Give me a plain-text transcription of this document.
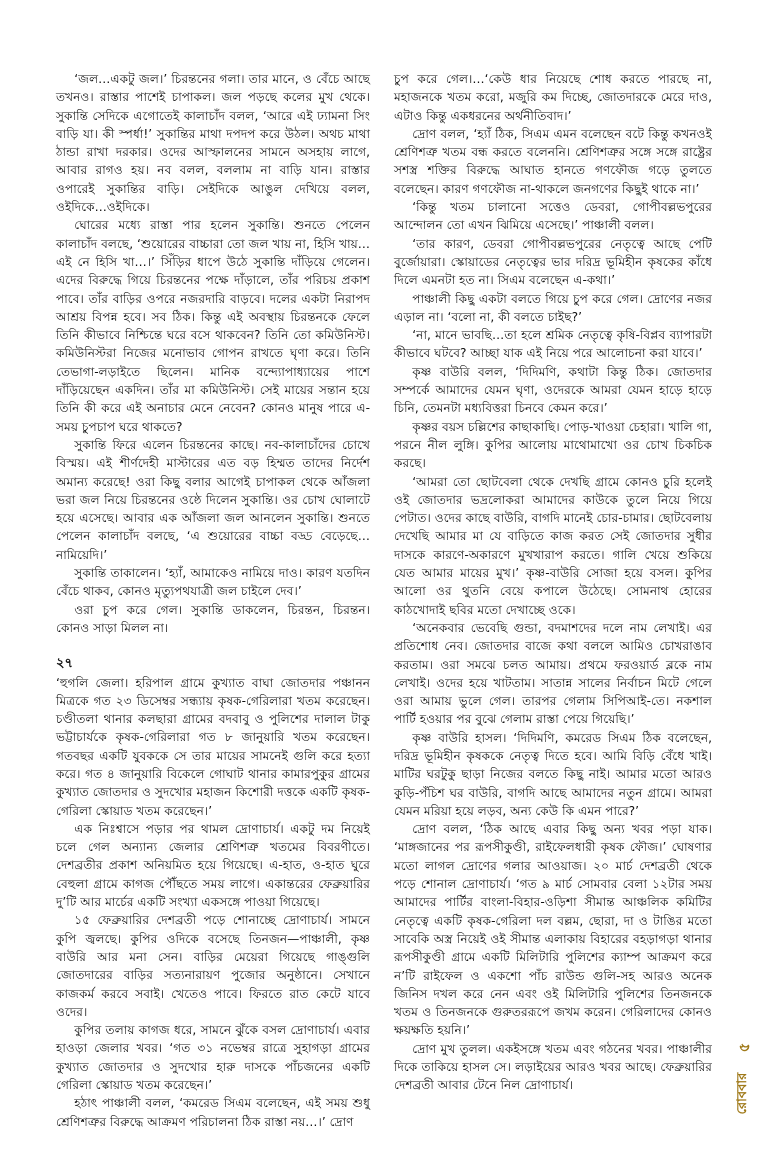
‘জল…একটু জল।’ চিরন্তনের গলা। তার মানে, ও বেঁচে আছে তখনও। রাস্তার পাশেই চাপাকল। জল পড়ছে কলের মুখ থেকে। সুকান্তি সেদিকে এগোতেই কালাচাঁদ বলল, ‘আরে এই ঢ্যামনা সিং বাড়ি যা। কী স্পর্ধা!’ সুকান্তির মাথা দপদপ করে উঠল। অথচ মাথা ঠান্ডা রাখা দরকার। ওদের আস্ফালনের সামনে অসহায় লাগে, আবার রাগও হয়। নব বলল, বললাম না বাড়ি যান। রাস্তার ওপারেই সুকান্তির বাড়ি। সেইদিকে আঙুল দেখিয়ে বলল, ওইদিকে…ওইদিকে।

ঘোরের মধ্যে রাস্তা পার হলেন সুকান্তি। শুনতে পেলেন কালাচাঁদ বলছে, ‘শুয়োরের বাচ্চারা তো জল খায় না, হিসি খায়…এই নে হিসি খা…।’ সিঁড়ির ধাপে উঠে সুকান্তি দাঁড়িয়ে গেলেন। এদের বিরুদ্ধে গিয়ে চিরন্তনের পক্ষে দাঁড়ালে, তাঁর পরিচয় প্রকাশ পাবে। তাঁর বাড়ির ওপরে নজরদারি বাড়বে। দলের একটা নিরাপদ আশ্রয় বিপন্ন হবে। সব ঠিক। কিন্তু এই অবস্থায় চিরন্তনকে ফেলে তিনি কীভাবে নিশ্চিন্তে ঘরে বসে থাকবেন? তিনি তো কমিউনিস্ট। কমিউনিস্টরা নিজের মনোভাব গোপন রাখতে ঘৃণা করে। তিনি তেভাগা-লড়াইতে ছিলেন। মানিক বন্দ্যোপাধ্যায়ের পাশে দাঁড়িয়েছেন একদিন। তাঁর মা কমিউনিস্ট। সেই মায়ের সন্তান হয়ে তিনি কী করে এই অনাচার মেনে নেবেন? কোনও মানুষ পারে এ-সময় চুপচাপ ঘরে থাকতে?

সুকান্তি ফিরে এলেন চিরন্তনের কাছে। নব-কালাচাঁদের চোখে বিস্ময়। এই শীর্ণদেহী মাস্টারের এত বড় হিম্মত তাদের নির্দেশ অমান্য করেছে! ওরা কিছু বলার আগেই চাপাকল থেকে আঁজলা ভরা জল নিয়ে চিরন্তনের ওষ্ঠে দিলেন সুকান্তি। ওর চোখ ঘোলাটে হয়ে এসেছে। আবার এক আঁজলা জল আনলেন সুকান্তি। শুনতে পেলেন কালাচাঁদ বলছে, ‘এ শুয়োরের বাচ্চা বড্ড বেড়েছে…নামিয়েদি।’

সুকান্তি তাকালেন। ‘হ্যাঁ, আমাকেও নামিয়ে দাও। কারণ যতদিন বেঁচে থাকব, কোনও মৃত্যুপথযাত্রী জল চাইলে দেব।’

ওরা চুপ করে গেল। সুকান্তি ডাকলেন, চিরন্তন, চিরন্তন। কোনও সাড়া মিলল না।

২৭

‘হুগলি জেলা। হরিপাল গ্রামে কুখ্যাত বাঘা জোতদার পঞ্চানন মিত্রকে গত ২৩ ডিসেম্বর সন্ধ্যায় কৃষক-গেরিলারা খতম করেছেন। চণ্ডীতলা থানার কলছারা গ্রামের বদবাবু ও পুলিশের দালাল টাকু ভট্টাচার্যকে কৃষক-গেরিলারা গত ৮ জানুয়ারি খতম করেছেন। গতবছর একটি যুবককে সে তার মায়ের সামনেই গুলি করে হত্যা করে। গত ৪ জানুয়ারি বিকেলে গোঘাট থানার কামারপুকুর গ্রামের কুখ্যাত জোতদার ও সুদখোর মহাজন কিশোরী দত্তকে একটি কৃষক-গেরিলা স্কোয়াড খতম করেছেন।’

এক নিঃশ্বাসে পড়ার পর থামল দ্রোণাচার্য। একটু দম নিয়েই চলে গেল অন্যান্য জেলার শ্রেণিশত্রু খতমের বিবরণীতে। দেশব্রতীর প্রকাশ অনিয়মিত হয়ে গিয়েছে। এ-হাত, ও-হাত ঘুরে বেহুলা গ্রামে কাগজ পৌঁছতে সময় লাগে। একান্তরের ফেব্রুয়ারির দু’টি আর মার্চের একটি সংখ্যা একসঙ্গে পাওয়া গিয়েছে।

১৫ ফেব্রুয়ারির দেশব্রতী পড়ে শোনাচ্ছে দ্রোণাচার্য। সামনে কুপি জ্বলছে। কুপির ওদিকে বসেছে তিনজন—পাঞ্চালী, কৃষ্ণ বাউরি আর মনা সেন। বাড়ির মেয়েরা গিয়েছে গাঙ্গুলি জোতদারের বাড়ির সত্যনারায়ণ পুজোর অনুষ্ঠানে। সেখানে কাজকর্ম করবে সবাই। খেতেও পাবে। ফিরতে রাত কেটে যাবে ওদের।

কুপির তলায় কাগজ ধরে, সামনে ঝুঁকে বসল দ্রোণাচার্য। এবার হাওড়া জেলার খবর। ‘গত ৩১ নভেম্বর রাত্রে সুহাগড়া গ্রামের কুখ্যাত জোতদার ও সুদখোর হারু দাসকে পাঁচজনের একটি গেরিলা স্কোয়াড খতম করেছেন।’

হঠাৎ পাঞ্চালী বলল, ‘কমরেড সিএম বলেছেন, এই সময় শুধু শ্রেণিশত্রুর বিরুদ্ধে আক্রমণ পরিচালনা ঠিক রাস্তা নয়…।’ দ্রোণ

চুপ করে গেল।…‘কেউ ধার নিয়েছে শোধ করতে পারছে না, মহাজনকে খতম করো, মজুরি কম দিচ্ছে, জোতদারকে মেরে দাও, এটাও কিন্তু একধরনের অর্থনীতিবাদ।’

দ্রোণ বলল, ‘হ্যাঁ ঠিক, সিএম এমন বলেছেন বটে কিন্তু কখনওই শ্রেণিশত্রু খতম বন্ধ করতে বলেননি। শ্রেণিশত্রুর সঙ্গে সঙ্গে রাষ্ট্রের সশস্ত্র শক্তির বিরুদ্ধে আঘাত হানতে গণফৌজ গড়ে তুলতে বলেছেন। কারণ গণফৌজ না-থাকলে জনগণের কিছুই থাকে না।’

‘কিন্তু খতম চালানো সত্তেও ডেবরা, গোপীবল্লভপুরের আন্দোলন তো এখন ঝিমিয়ে এসেছে।’ পাঞ্চালী বলল।

‘তার কারণ, ডেবরা গোপীবল্লভপুরের নেতৃত্বে আছে পেটি বুর্জোয়ারা। স্কোয়াডের নেতৃত্বের ভার দরিদ্র ভূমিহীন কৃষকের কাঁধে দিলে এমনটা হত না। সিএম বলেছেন এ-কথা।’

পাঞ্চালী কিছু একটা বলতে গিয়ে চুপ করে গেল। দ্রোণের নজর এড়াল না। ‘বলো না, কী বলতে চাইছ?’

‘না, মানে ভাবছি…তা হলে শ্রমিক নেতৃত্বে কৃষি-বিপ্লব ব্যাপারটা কীভাবে ঘটবে? আচ্ছা যাক এই নিয়ে পরে আলোচনা করা যাবে।’

কৃষ্ণ বাউরি বলল, ‘দিদিমণি, কথাটা কিন্তু ঠিক। জোতদার সম্পর্কে আমাদের যেমন ঘৃণা, ওদেরকে আমরা যেমন হাড়ে হাড়ে চিনি, তেমনটা মধ্যবিত্তরা চিনবে কেমন করে।’

কৃষ্ণর বয়স চল্লিশের কাছাকাছি। পোড়-খাওয়া চেহারা। খালি গা, পরনে নীল লুঙ্গি। কুপির আলোয় মাথোমাখো ওর চোখ চিকচিক করছে।

‘আমরা তো ছোটবেলা থেকে দেখছি গ্রামে কোনও চুরি হলেই ওই জোতদার ভদ্রলোকরা আমাদের কাউকে তুলে নিয়ে গিয়ে পেটাত। ওদের কাছে বাউরি, বাগদি মানেই চোর-চামার। ছোটবেলায় দেখেছি আমার মা যে বাড়িতে কাজ করত সেই জোতদার সুধীর দাসকে কারণে-অকারণে মুখখারাপ করতে। গালি খেয়ে শুকিয়ে যেত আমার মায়ের মুখ।’ কৃষ্ণ-বাউরি সোজা হয়ে বসল। কুপির আলো ওর থুতনি বেয়ে কপালে উঠেছে। সোমনাথ হোরের কাঠখোদাই ছবির মতো দেখাচ্ছে ওকে।

‘অনেকবার ভেবেছি গুন্ডা, বদমাশদের দলে নাম লেখাই। এর প্রতিশোধ নেব। জোতদার বাজে কথা বললে আমিও চোখরাঙাব করতাম। ওরা সমঝে চলত আমায়। প্রথমে ফরওয়ার্ড ব্লকে নাম লেখাই। ওদের হয়ে খাটতাম। সাতান্ন সালের নির্বাচন মিটে গেলে ওরা আমায় ভুলে গেল। তারপর গেলাম সিপিআই-তে। নকশাল পার্টি হওয়ার পর বুঝে গেলাম রাস্তা পেয়ে গিয়েছি।’

কৃষ্ণ বাউরি হাসল। ‘দিদিমণি, কমরেড সিএম ঠিক বলেছেন, দরিদ্র ভূমিহীন কৃষককে নেতৃত্ব দিতে হবে। আমি বিড়ি বেঁধে খাই। মাটির ঘরটুকু ছাড়া নিজের বলতে কিছু নাই। আমার মতো আরও কুড়ি-পঁচিশ ঘর বাউরি, বাগদি আছে আমাদের নতুন গ্রামে। আমরা যেমন মরিয়া হয়ে লড়ব, অন্য কেউ কি এমন পারে?’

দ্রোণ বলল, ‘ঠিক আছে এবার কিছু অন্য খবর পড়া যাক। ‘মাঙ্গজানের পর রূপসীকুণ্ডী, রাইফেলধারী কৃষক ফৌজ।’ ঘোষণার মতো লাগল দ্রোণের গলার আওয়াজ। ২০ মার্চ দেশব্রতী থেকে পড়ে শোনাল দ্রোণাচার্য। ‘গত ৯ মার্চ সোমবার বেলা ১২টার সময় আমাদের পার্টির বাংলা-বিহার-ওড়িশা সীমান্ত আঞ্চলিক কমিটির নেতৃত্বে একটি কৃষক-গেরিলা দল বল্লম, ছোরা, দা ও টাঙির মতো সাবেকি অস্ত্র নিয়েই ওই সীমান্ত এলাকায় বিহারের বহড়াগড়া থানার রূপসীকুণ্ডী গ্রামে একটি মিলিটারি পুলিশের ক্যাম্প আক্রমণ করে ন’টি রাইফেল ও একশো পাঁচ রাউন্ড গুলি-সহ আরও অনেক জিনিস দখল করে নেন এবং ওই মিলিটারি পুলিশের তিনজনকে খতম ও তিনজনকে গুরুতররূপে জখম করেন। গেরিলাদের কোনও ক্ষয়ক্ষতি হয়নি।’

দ্রোণ মুখ তুলল। একইসঙ্গে খতম এবং গঠনের খবর। পাঞ্চালীর দিকে তাকিয়ে হাসল সে। লড়াইয়ের আরও খবর আছে। ফেব্রুয়ারির দেশব্রতী আবার টেনে নিল দ্রোণাচার্য।	রোববার
৫
